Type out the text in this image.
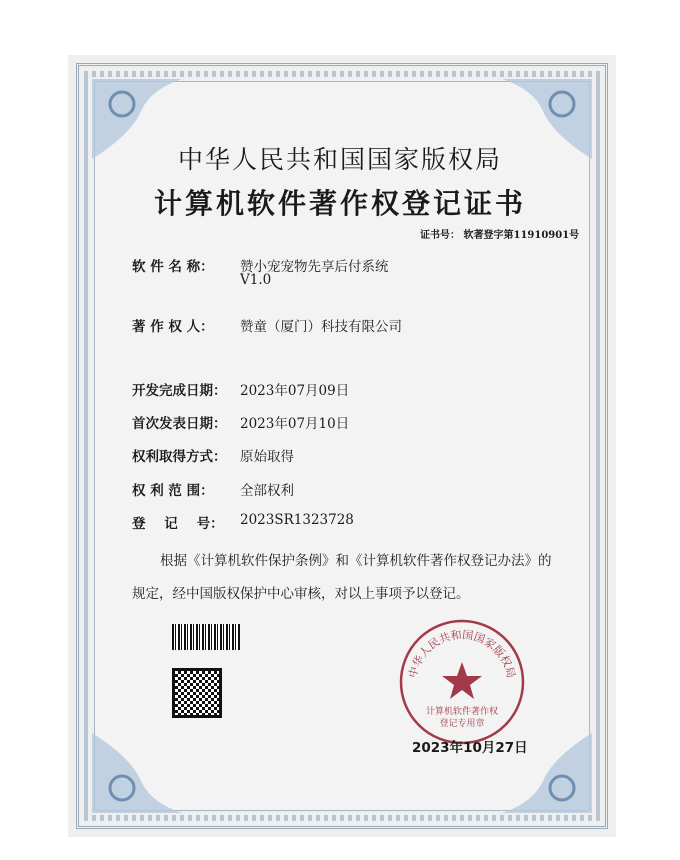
中华人民共和国国家版权局
计算机软件著作权登记证书
证书号： 软著登字第11910901号
软 件 名 称： 赞小宠宠物先享后付系统
V1.0
著 作 权 人： 赞童（厦门）科技有限公司
开发完成日期： 2023年07月09日
首次发表日期： 2023年07月10日
权利取得方式： 原始取得
权 利 范 围： 全部权利
登    记    号： 2023SR1323728
根据《计算机软件保护条例》和《计算机软件著作权登记办法》的
规定，经中国版权保护中心审核，对以上事项予以登记。
中华人民共和国国家版权局
计算机软件著作权
登记专用章
2023年10月27日
